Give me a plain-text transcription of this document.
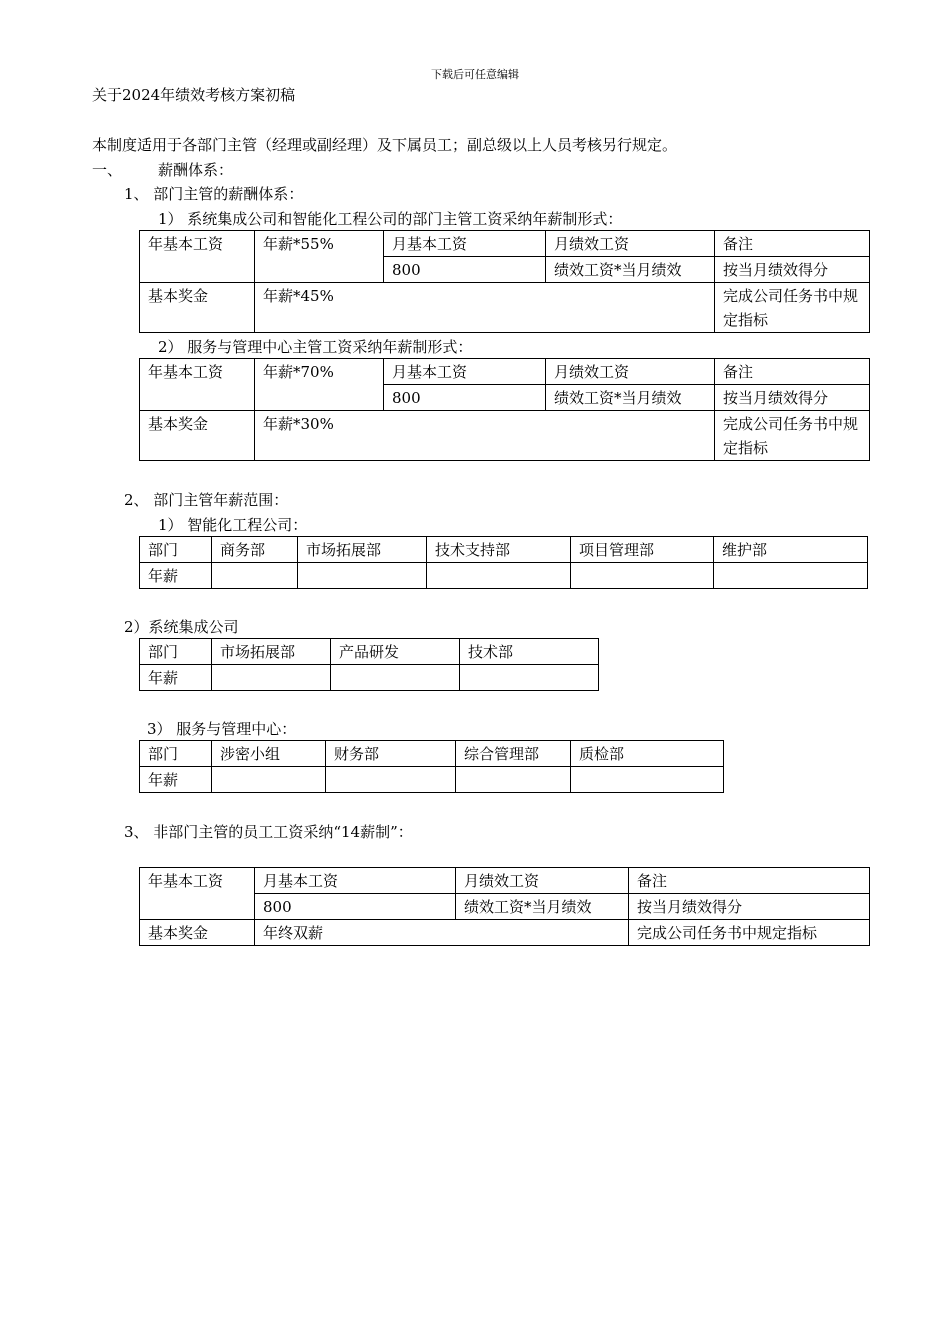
下载后可任意编辑
关于2024年绩效考核方案初稿
本制度适用于各部门主管（经理或副经理）及下属员工；副总级以上人员考核另行规定。
一、 薪酬体系：
1、 部门主管的薪酬体系：
1） 系统集成公司和智能化工程公司的部门主管工资采纳年薪制形式：
年基本工资	年薪*55%	月基本工资	月绩效工资	备注
		800	绩效工资*当月绩效	按当月绩效得分
基本奖金	年薪*45%			完成公司任务书中规定指标
2） 服务与管理中心主管工资采纳年薪制形式：
年基本工资	年薪*70%	月基本工资	月绩效工资	备注
		800	绩效工资*当月绩效	按当月绩效得分
基本奖金	年薪*30%			完成公司任务书中规定指标
2、 部门主管年薪范围：
1） 智能化工程公司：
部门	商务部	市场拓展部	技术支持部	项目管理部	维护部
年薪					
2）系统集成公司
部门	市场拓展部	产品研发	技术部
年薪			
3） 服务与管理中心：
部门	涉密小组	财务部	综合管理部	质检部
年薪				
3、 非部门主管的员工工资采纳“14薪制”：
年基本工资	月基本工资	月绩效工资	备注
	800	绩效工资*当月绩效	按当月绩效得分
基本奖金	年终双薪		完成公司任务书中规定指标
